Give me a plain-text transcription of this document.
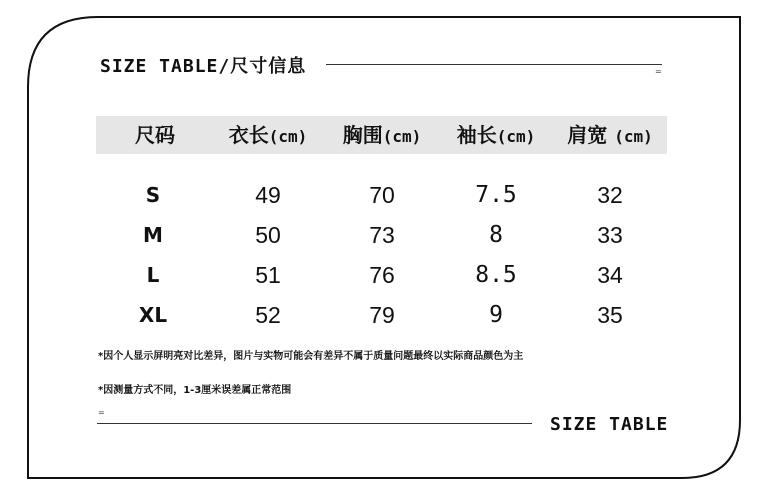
SIZE TABLE/尺寸信息	=
尺码	衣长(cm)	胸围(cm)	袖长(cm)	肩宽 (cm)
S	49	70	7.5	32
M	50	73	8	33
L	51	76	8.5	34
XL	52	79	9	35
*因个人显示屏明亮对比差异，图片与实物可能会有差异不属于质量问题最终以实际商品颜色为主
*因测量方式不同，1-3厘米误差属正常范围
=
SIZE TABLE
